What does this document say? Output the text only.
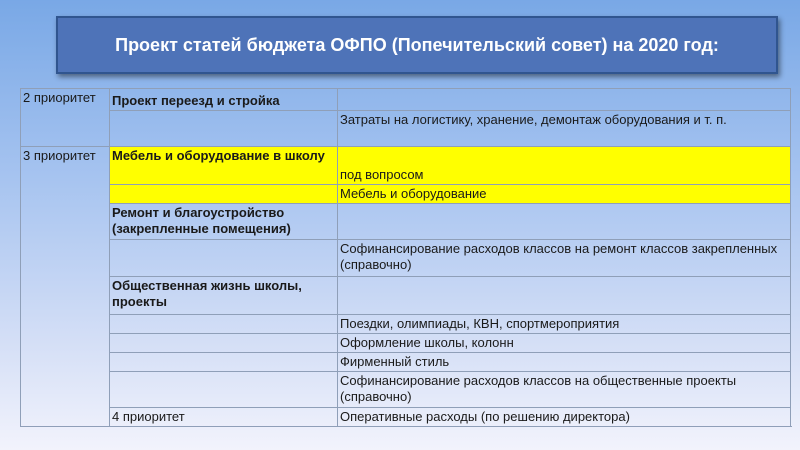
Проект статей бюджета ОФПО (Попечительский совет) на 2020 год:
2 приоритет	Проект переезд и стройка	
		Затраты на логистику, хранение, демонтаж оборудования и т. п.
3 приоритет	Мебель и оборудование в школу	под вопросом
		Мебель и оборудование
	Ремонт и благоустройство (закрепленные помещения)	
		Софинансирование расходов классов на ремонт классов закрепленных (справочно)
	Общественная жизнь школы, проекты	
		Поездки, олимпиады, КВН, спортмероприятия
		Оформление школы, колонн
		Фирменный стиль
		Софинансирование расходов классов на общественные проекты (справочно)
	4 приоритет	Оперативные расходы (по решению директора)
